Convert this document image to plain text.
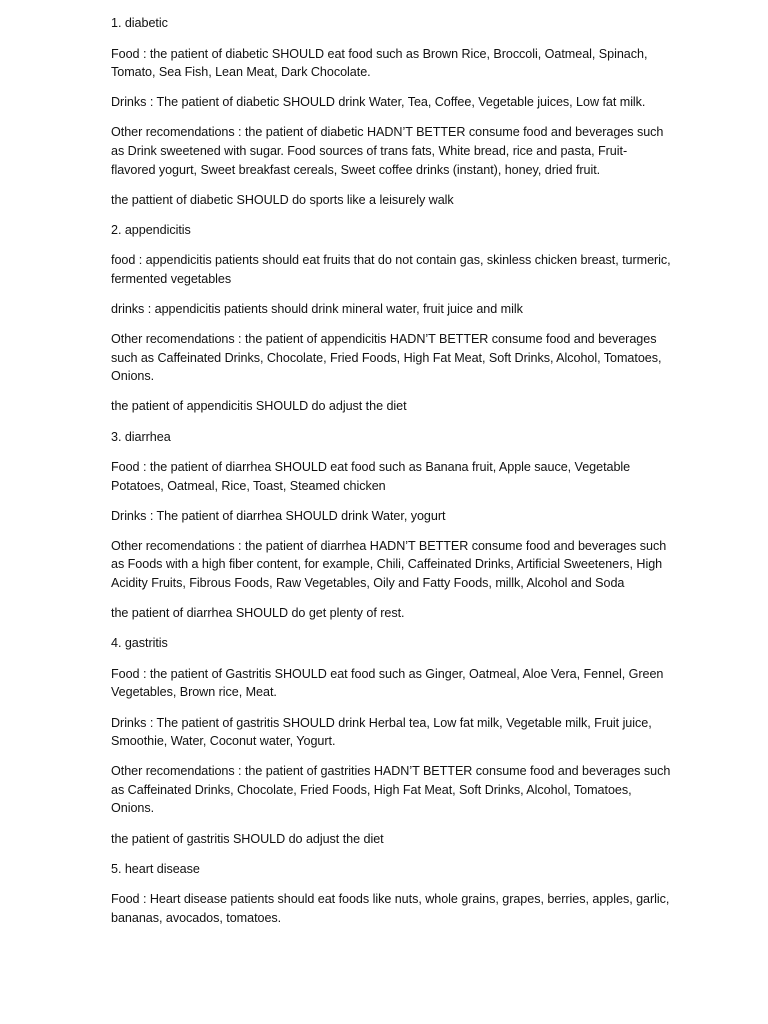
1. diabetic

Food : the patient of diabetic SHOULD eat food such as Brown Rice, Broccoli, Oatmeal, Spinach, Tomato, Sea Fish, Lean Meat, Dark Chocolate.

Drinks : The patient of diabetic SHOULD drink Water, Tea, Coffee, Vegetable juices, Low fat milk.

Other recomendations : the patient of diabetic HADN’T BETTER consume food and beverages such as Drink sweetened with sugar. Food sources of trans fats, White bread, rice and pasta, Fruit-flavored yogurt, Sweet breakfast cereals, Sweet coffee drinks (instant), honey, dried fruit.

the pattient of diabetic SHOULD do sports like a leisurely walk

2. appendicitis

food : appendicitis patients should eat fruits that do not contain gas, skinless chicken breast, turmeric, fermented vegetables

drinks : appendicitis patients should drink mineral water, fruit juice and milk

Other recomendations : the patient of appendicitis HADN’T BETTER consume food and beverages such as Caffeinated Drinks, Chocolate, Fried Foods, High Fat Meat, Soft Drinks, Alcohol, Tomatoes, Onions.

the patient of appendicitis SHOULD do adjust the diet

3. diarrhea

Food : the patient of diarrhea SHOULD eat food such as Banana fruit, Apple sauce, Vegetable Potatoes, Oatmeal, Rice, Toast, Steamed chicken

Drinks : The patient of diarrhea SHOULD drink Water, yogurt

Other recomendations : the patient of diarrhea HADN’T BETTER consume food and beverages such as Foods with a high fiber content, for example, Chili, Caffeinated Drinks, Artificial Sweeteners, High Acidity Fruits, Fibrous Foods, Raw Vegetables, Oily and Fatty Foods, millk, Alcohol and Soda

the patient of diarrhea SHOULD do get plenty of rest.

4. gastritis

Food : the patient of Gastritis SHOULD eat food such as Ginger, Oatmeal, Aloe Vera, Fennel, Green Vegetables, Brown rice, Meat.

Drinks : The patient of gastritis SHOULD drink Herbal tea, Low fat milk, Vegetable milk, Fruit juice, Smoothie, Water, Coconut water, Yogurt.

Other recomendations : the patient of gastrities HADN’T BETTER consume food and beverages such as Caffeinated Drinks, Chocolate, Fried Foods, High Fat Meat, Soft Drinks, Alcohol, Tomatoes, Onions.

the patient of gastritis SHOULD do adjust the diet

5. heart disease

Food : Heart disease patients should eat foods like nuts, whole grains, grapes, berries, apples, garlic, bananas, avocados, tomatoes.
